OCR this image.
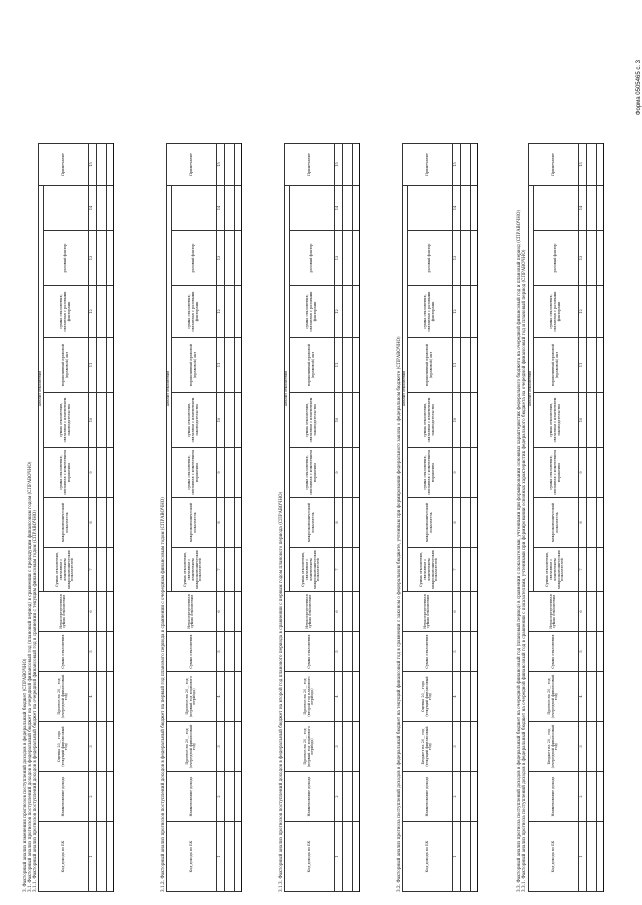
Форма 0505465 с. 3
3. Факторный анализ изменения прогнозов поступлений доходов в федеральный бюджет (СПРАВОЧНО) 3.1. Факторный анализ прогнозов поступлений доходов в федеральный бюджет на очередной финансовый год (плановый период) в сравнении с предыдущим финансовым годом (СПРАВОЧНО) 3.1.1. Факторный анализ прогнозов поступлений доходов в федеральный бюджет на очередной финансовый год в сравнении с текущим финансовым годом (СПРАВОЧНО)	3.1.2. Факторный анализ прогнозов поступлений доходов в федеральный бюджет на первый год планового периода в сравнении с очередным финансовым годом (СПРАВОЧНО)	3.1.3. Факторный анализ прогнозов поступлений доходов в федеральный бюджет на второй год планового периода в сравнении с первым годом планового периода (СПРАВОЧНО)	3.2. Факторный анализ прогноза поступлений доходов в федеральный бюджет на текущий финансовый год в сравнении с законом о федеральном бюджете, учтенным при формировании федерального закона о федеральном бюджете (СПРАВОЧНО)	3.3. Факторный анализ прогноза поступлений доходов в федеральный бюджет на очередной финансовый год (плановый период) в сравнении с показателями, учтенными при формировании основных характеристик федерального бюджета на очередной финансовый год и плановый период (СПРАВОЧНО) 3.3.1. Факторный анализ прогноза поступлений доходов в федеральный бюджет на очередной финансовый год в сравнении с показателями, учтенными при формировании основных характеристик федерального бюджета на очередной финансовый год и плановый период (СПРАВОЧНО)
Код дохода по БК	Наименование дохода	Оценка 20__ года (текущий финансовый год)	Прогноз на 20__ год (очередной финансовый год)	Сумма отклонения	Нераспределенная сумма отклонения	Анализ отклонения								Примечание
						Сумма отклонения, связанная с изменением макроэкономических показателей	макроэкономический показатель	сумма отклонения, связанная с изменением норматива	сумма отклонения, связанная с изменением законодательства	нормативный правовой (правовой) акт	сумма отклонения, связанная с разовыми факторами	разовый фактор		
1	2	3	4	5	6	7	8	9	10	11	12	13	14	15

Код дохода по БК	Наименование дохода	Прогноз на 20__ год (очередной финансовый год)	Прогноз на 20__ год (первый год планового периода)	Сумма отклонения	Нераспределенная сумма отклонения	Анализ отклонения								Примечание
						Сумма отклонения, связанная с изменением макроэкономических показателей	макроэкономический показатель	сумма отклонения, связанная с изменением норматива	сумма отклонения, связанная с изменением законодательства	нормативный правовой (правовой) акт	сумма отклонения, связанная с разовыми факторами	разовый фактор		
1	2	3	4	5	6	7	8	9	10	11	12	13	14	15

Код дохода по БК	Наименование дохода	Прогноз на 20__ год (первый год планового периода)	Прогноз на 20__ год (второй год планового периода)	Сумма отклонения	Нераспределенная сумма отклонения	Анализ отклонения								Примечание
						Сумма отклонения, связанная с изменением макроэкономических показателей	макроэкономический показатель	сумма отклонения, связанная с изменением норматива	сумма отклонения, связанная с изменением законодательства	нормативный правовой (правовой) акт	сумма отклонения, связанная с разовыми факторами	разовый фактор		
1	2	3	4	5	6	7	8	9	10	11	12	13	14	15

Код дохода по БК	Наименование дохода	Бюджет на 20__ год (текущий финансовый год)	Оценка 20__ года (текущий финансовый год)	Сумма отклонения	Нераспределенная сумма отклонения	Анализ отклонения								Примечание
						Сумма отклонения, связанная с изменением макроэкономических показателей	макроэкономический показатель	сумма отклонения, связанная с изменением норматива	сумма отклонения, связанная с изменением законодательства	нормативный правовой (правовой) акт	сумма отклонения, связанная с разовыми факторами	разовый фактор		
1	2	3	4	5	6	7	8	9	10	11	12	13	14	15

Код дохода по БК	Наименование дохода	Бюджет на 20__ год (очередной финансовый год)	Прогноз на 20__ год (очередной финансовый год)	Сумма отклонения	Нераспределенная сумма отклонения	Анализ отклонения								Примечание
						Сумма отклонения, связанная с изменением макроэкономических показателей	макроэкономический показатель	сумма отклонения, связанная с изменением норматива	сумма отклонения, связанная с изменением законодательства	нормативный правовой (правовой) акт	сумма отклонения, связанная с разовыми факторами	разовый фактор		
1	2	3	4	5	6	7	8	9	10	11	12	13	14	15
